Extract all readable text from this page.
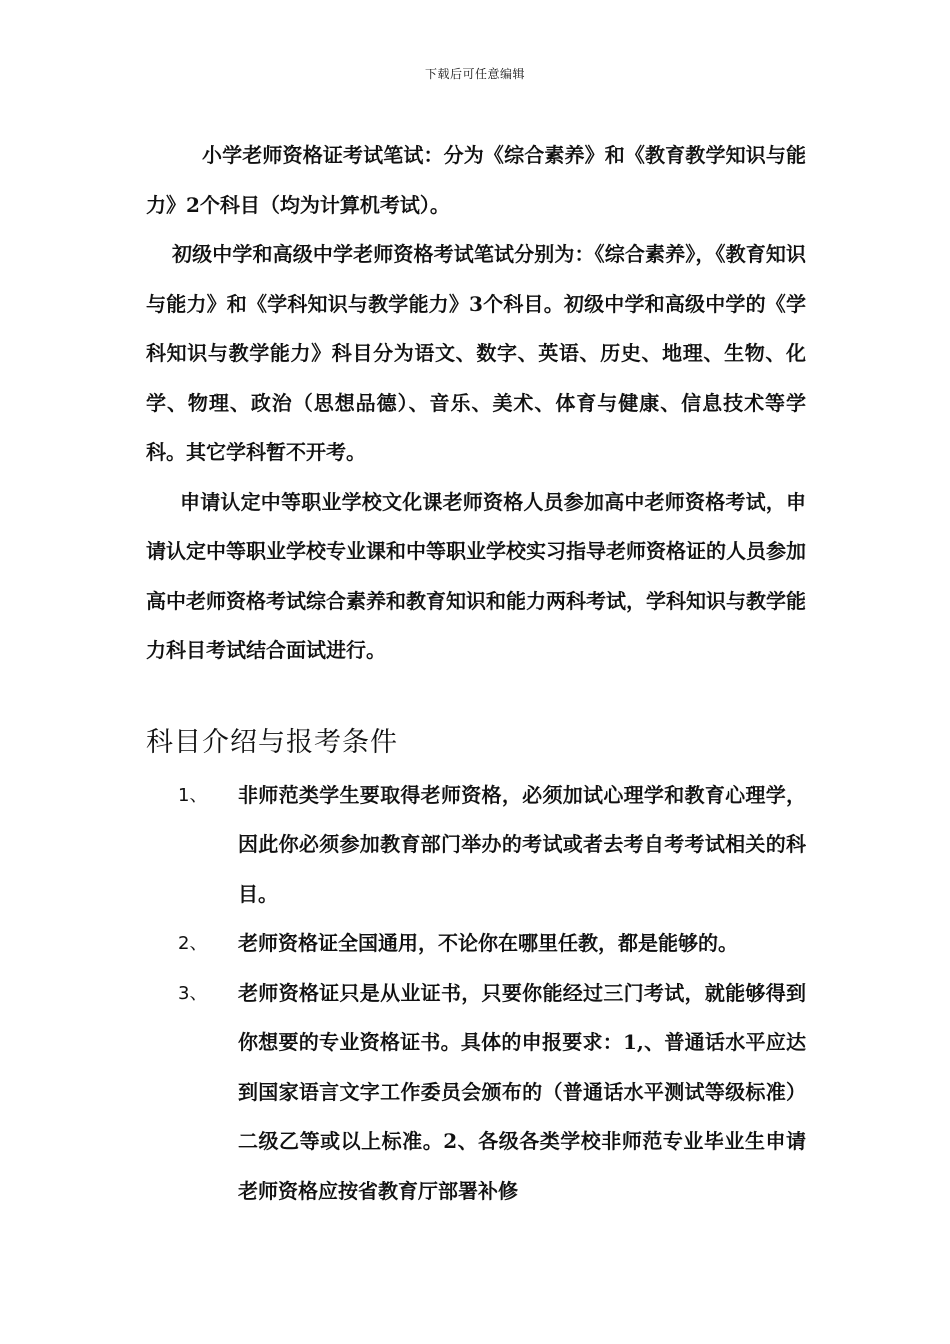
下载后可任意编辑

小学老师资格证考试笔试：分为《综合素养》和《教育教学知识与能力》2个科目（均为计算机考试）。

初级中学和高级中学老师资格考试笔试分别为：《综合素养》，《教育知识与能力》和《学科知识与教学能力》3个科目。初级中学和高级中学的《学科知识与教学能力》科目分为语文、数字、英语、历史、地理、生物、化学、物理、政治（思想品德）、音乐、美术、体育与健康、信息技术等学科。其它学科暂不开考。

申请认定中等职业学校文化课老师资格人员参加高中老师资格考试，申请认定中等职业学校专业课和中等职业学校实习指导老师资格证的人员参加高中老师资格考试综合素养和教育知识和能力两科考试，学科知识与教学能力科目考试结合面试进行。

科目介绍与报考条件
1、	非师范类学生要取得老师资格，必须加试心理学和教育心理学，因此你必须参加教育部门举办的考试或者去考自考考试相关的科目。

2、	老师资格证全国通用，不论你在哪里任教，都是能够的。

3、	老师资格证只是从业证书，只要你能经过三门考试，就能够得到你想要的专业资格证书。具体的申报要求：1,、普通话水平应达到国家语言文字工作委员会颁布的（普通话水平测试等级标准）二级乙等或以上标准。2、各级各类学校非师范专业毕业生申请老师资格应按省教育厅部署补修
